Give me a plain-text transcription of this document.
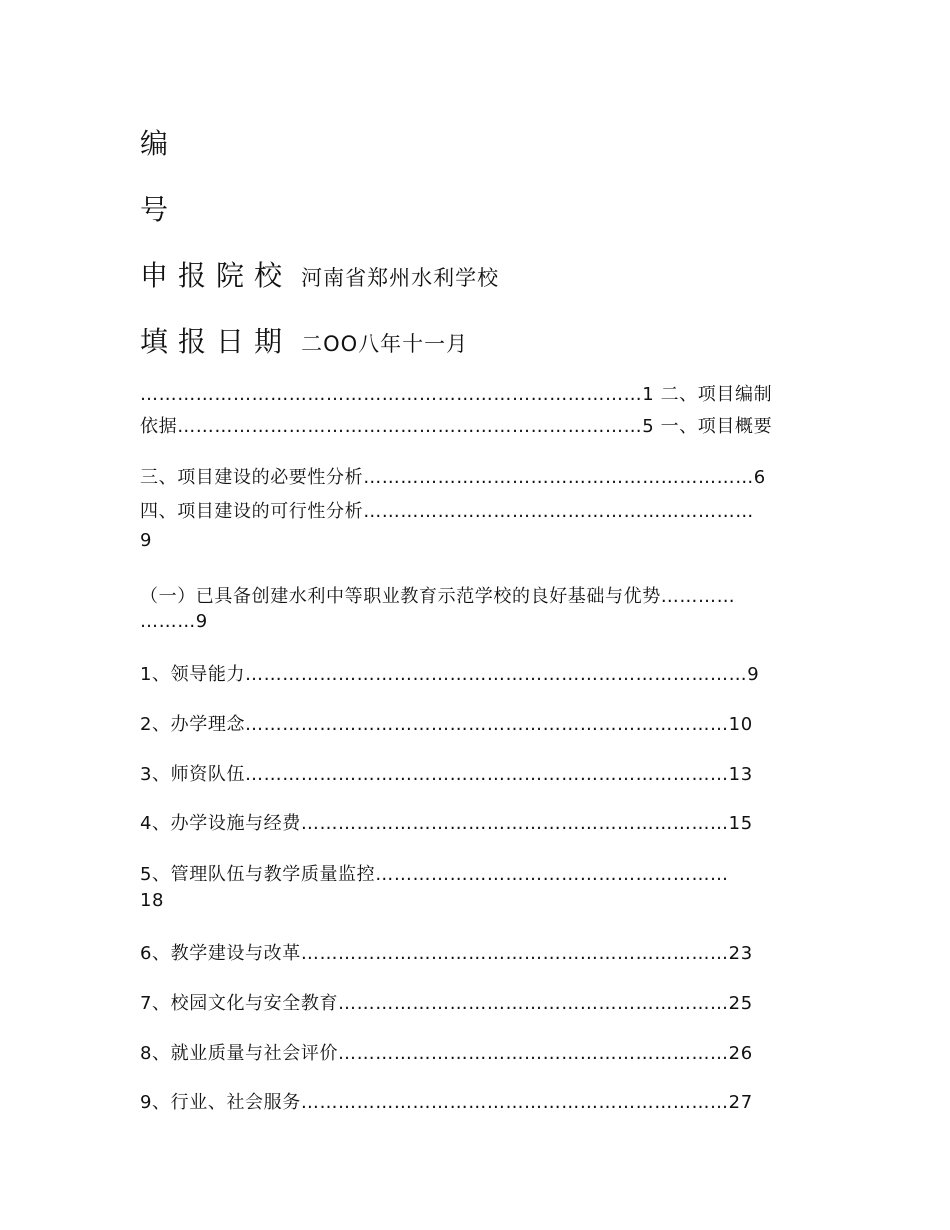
编
号
申报院校 河南省郑州水利学校
填报日期 二OO八年十一月
………………………………………………………………………1 二、项目编制
依据…………………………………………………………………5 一、项目概要
三、项目建设的必要性分析………………………………………………………6
四、项目建设的可行性分析………………………………………………………
9
（一）已具备创建水利中等职业教育示范学校的良好基础与优势…………
………9
1、领导能力………………………………………………………………………9
2、办学理念……………………………………………………………………10
3、师资队伍……………………………………………………………………13
4、办学设施与经费……………………………………………………………15
5、管理队伍与教学质量监控…………………………………………………
18
6、教学建设与改革……………………………………………………………23
7、校园文化与安全教育………………………………………………………25
8、就业质量与社会评价………………………………………………………26
9、行业、社会服务……………………………………………………………27
